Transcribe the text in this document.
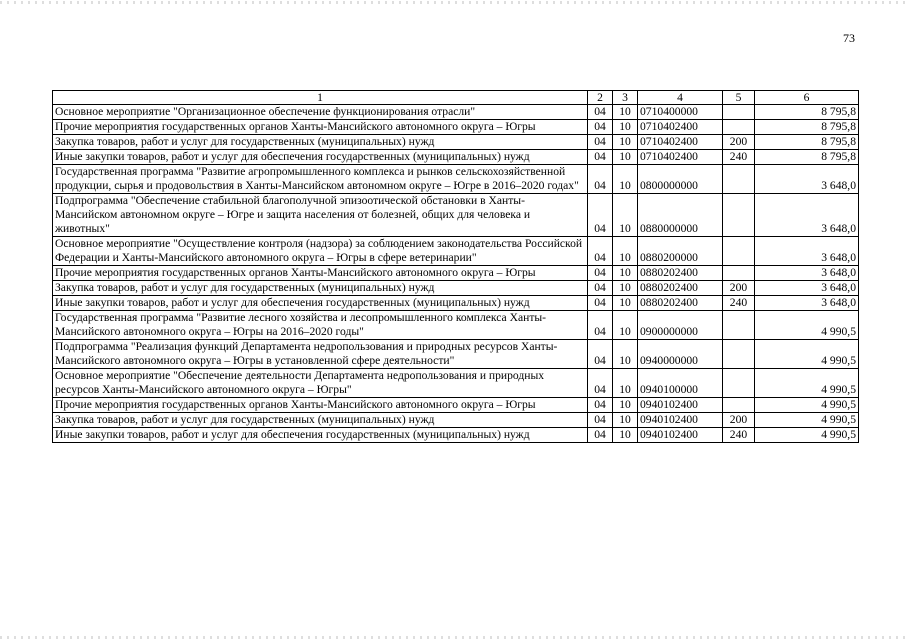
73
1	2	3	4	5	6
Основное мероприятие "Организационное обеспечение функционирования отрасли"	04	10	0710400000		8 795,8
Прочие мероприятия государственных органов Ханты-Мансийского автономного округа – Югры	04	10	0710402400		8 795,8
Закупка товаров, работ и услуг для государственных (муниципальных) нужд	04	10	0710402400	200	8 795,8
Иные закупки товаров, работ и услуг для обеспечения государственных (муниципальных) нужд	04	10	0710402400	240	8 795,8
Государственная программа "Развитие агропромышленного комплекса и рынков сельскохозяйственной продукции, сырья и продовольствия в Ханты-Мансийском автономном округе – Югре в 2016–2020 годах"	04	10	0800000000		3 648,0
Подпрограмма "Обеспечение стабильной благополучной эпизоотической обстановки в Ханты-Мансийском автономном округе – Югре и защита населения от болезней, общих для человека и животных"	04	10	0880000000		3 648,0
Основное мероприятие "Осуществление контроля (надзора) за соблюдением законодательства Российской Федерации и Ханты-Мансийского автономного округа – Югры в сфере ветеринарии"	04	10	0880200000		3 648,0
Прочие мероприятия государственных органов Ханты-Мансийского автономного округа – Югры	04	10	0880202400		3 648,0
Закупка товаров, работ и услуг для государственных (муниципальных) нужд	04	10	0880202400	200	3 648,0
Иные закупки товаров, работ и услуг для обеспечения государственных (муниципальных) нужд	04	10	0880202400	240	3 648,0
Государственная программа "Развитие лесного хозяйства и лесопромышленного комплекса Ханты-Мансийского автономного округа – Югры на 2016–2020 годы"	04	10	0900000000		4 990,5
Подпрограмма "Реализация функций Департамента недропользования и природных ресурсов Ханты-Мансийского автономного округа – Югры в установленной сфере деятельности"	04	10	0940000000		4 990,5
Основное мероприятие "Обеспечение деятельности Департамента недропользования и природных ресурсов Ханты-Мансийского автономного округа – Югры"	04	10	0940100000		4 990,5
Прочие мероприятия государственных органов Ханты-Мансийского автономного округа – Югры	04	10	0940102400		4 990,5
Закупка товаров, работ и услуг для государственных (муниципальных) нужд	04	10	0940102400	200	4 990,5
Иные закупки товаров, работ и услуг для обеспечения государственных (муниципальных) нужд	04	10	0940102400	240	4 990,5
